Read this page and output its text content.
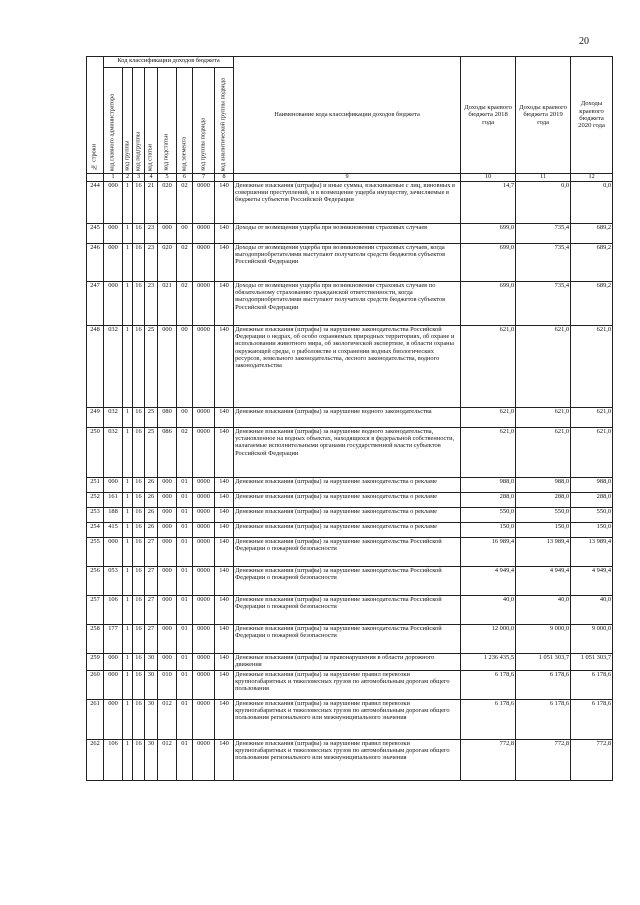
20
№ строки	Код классификации доходов бюджета								Наименование кода классификации доходов бюджета	Доходы краевого бюджета 2018 года	Доходы краевого бюджета 2019 года	Доходы краевого бюджета 2020 года

	код главного администратора	код группы	код подгруппы	код статьи	код подстатьи	код элемента	код группы подвида	код аналитической группы подвида				

	1	2	3	4	5	6	7	8	9	10	11	12
244	000	1	16	21	020	02	0000	140	Денежные взыскания (штрафы) и иные суммы, взыскиваемые с лиц, виновных в совершении преступлений, и в возмещение ущерба имуществу, зачисляемые в бюджеты субъектов Российской Федерации	14,7	0,0	0,0
245	000	1	16	23	000	00	0000	140	Доходы от возмещения ущерба при возникновении страховых случаев	699,0	735,4	689,2
246	000	1	16	23	020	02	0000	140	Доходы от возмещения ущерба при возникновении страховых случаев, когда выгодоприобретателями выступают получатели средств бюджетов субъектов Российской Федерации	699,0	735,4	689,2
247	000	1	16	23	021	02	0000	140	Доходы от возмещения ущерба при возникновении страховых случаев по обязательному страхованию гражданской ответственности, когда выгодоприобретателями выступают получатели средств бюджетов субъектов Российской Федерации	699,0	735,4	689,2
248	032	1	16	25	000	00	0000	140	Денежные взыскания (штрафы) за нарушение законодательства Российской Федерации о недрах, об особо охраняемых природных территориях, об охране и использовании животного мира, об экологической экспертизе, в области охраны окружающей среды, о рыболовстве и сохранении водных биологических ресурсов, земельного законодательства, лесного законодательства, водного законодательства	621,0	621,0	621,0
249	032	1	16	25	080	00	0000	140	Денежные взыскания (штрафы) за нарушение водного законодательства	621,0	621,0	621,0
250	032	1	16	25	086	02	0000	140	Денежные взыскания (штрафы) за нарушение водного законодательства, установленное на водных объектах, находящихся в федеральной собственности, налагаемые исполнительными органами государственной власти субъектов Российской Федерации	621,0	621,0	621,0
251	000	1	16	26	000	01	0000	140	Денежные взыскания (штрафы) за нарушение законодательства о рекламе	988,0	988,0	988,0
252	161	1	16	26	000	01	0000	140	Денежные взыскания (штрафы) за нарушение законодательства о рекламе	288,0	288,0	288,0
253	188	1	16	26	000	01	0000	140	Денежные взыскания (штрафы) за нарушение законодательства о рекламе	550,0	550,0	550,0
254	415	1	16	26	000	01	0000	140	Денежные взыскания (штрафы) за нарушение законодательства о рекламе	150,0	150,0	150,0
255	000	1	16	27	000	01	0000	140	Денежные взыскания (штрафы) за нарушение законодательства Российской Федерации о пожарной безопасности	16 989,4	13 989,4	13 989,4
256	053	1	16	27	000	01	0000	140	Денежные взыскания (штрафы) за нарушение законодательства Российской Федерации о пожарной безопасности	4 949,4	4 949,4	4 949,4
257	106	1	16	27	000	01	0000	140	Денежные взыскания (штрафы) за нарушение законодательства Российской Федерации о пожарной безопасности	40,0	40,0	40,0
258	177	1	16	27	000	01	0000	140	Денежные взыскания (штрафы) за нарушение законодательства Российской Федерации о пожарной безопасности	12 000,0	9 000,0	9 000,0
259	000	1	16	30	000	01	0000	140	Денежные взыскания (штрафы) за правонарушения в области дорожного движения	1 236 435,5	1 051 303,7	1 051 303,7
260	000	1	16	30	010	01	0000	140	Денежные взыскания (штрафы) за нарушение правил перевозки крупногабаритных и тяжеловесных грузов по автомобильным дорогам общего пользования	6 178,6	6 178,6	6 178,6
261	000	1	16	30	012	01	0000	140	Денежные взыскания (штрафы) за нарушение правил перевозки крупногабаритных и тяжеловесных грузов по автомобильным дорогам общего пользования регионального или межмуниципального значения	6 178,6	6 178,6	6 178,6
262	106	1	16	30	012	01	0000	140	Денежные взыскания (штрафы) за нарушение правил перевозки крупногабаритных и тяжеловесных грузов по автомобильным дорогам общего пользования регионального или межмуниципального значения	772,8	772,8	772,8
